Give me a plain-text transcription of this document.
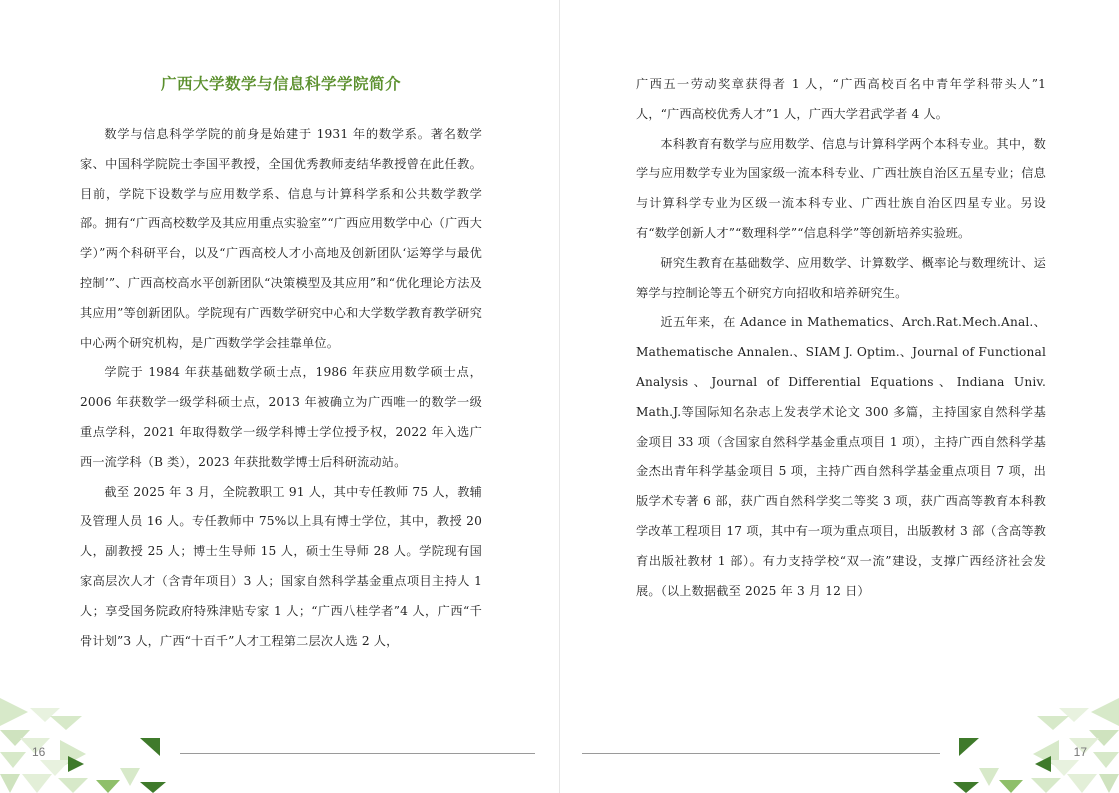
广西大学数学与信息科学学院简介

数学与信息科学学院的前身是始建于 1931 年的数学系。著名数学家、中国科学院院士李国平教授，全国优秀教师麦结华教授曾在此任教。目前，学院下设数学与应用数学系、信息与计算科学系和公共数学教学部。拥有“广西高校数学及其应用重点实验室”“广西应用数学中心（广西大学）”两个科研平台，以及“广西高校人才小高地及创新团队‘运筹学与最优控制’”、广西高校高水平创新团队“决策模型及其应用”和“优化理论方法及其应用”等创新团队。学院现有广西数学研究中心和大学数学教育教学研究中心两个研究机构，是广西数学学会挂靠单位。

学院于 1984 年获基础数学硕士点，1986 年获应用数学硕士点，2006 年获数学一级学科硕士点，2013 年被确立为广西唯一的数学一级重点学科，2021 年取得数学一级学科博士学位授予权，2022 年入选广西一流学科（B 类），2023 年获批数学博士后科研流动站。

截至 2025 年 3 月，全院教职工 91 人，其中专任教师 75 人，教辅及管理人员 16 人。专任教师中 75%以上具有博士学位，其中，教授 20 人，副教授 25 人；博士生导师 15 人，硕士生导师 28 人。学院现有国家高层次人才（含青年项目）3 人；国家自然科学基金重点项目主持人 1 人；享受国务院政府特殊津贴专家 1 人；“广西八桂学者”4 人，广西“千骨计划”3 人，广西“十百千”人才工程第二层次人选 2 人，

16

广西五一劳动奖章获得者 1 人，“广西高校百名中青年学科带头人”1 人，“广西高校优秀人才”1 人，广西大学君武学者 4 人。

本科教育有数学与应用数学、信息与计算科学两个本科专业。其中，数学与应用数学专业为国家级一流本科专业、广西壮族自治区五星专业；信息与计算科学专业为区级一流本科专业、广西壮族自治区四星专业。另设有“数学创新人才”“数理科学”“信息科学”等创新培养实验班。

研究生教育在基础数学、应用数学、计算数学、概率论与数理统计、运筹学与控制论等五个研究方向招收和培养研究生。

近五年来，在 Adance in Mathematics、Arch.Rat.Mech.Anal.、Mathematische Annalen.、SIAM J. Optim.、Journal of Functional Analysis、Journal of Differential Equations、Indiana Univ. Math.J.等国际知名杂志上发表学术论文 300 多篇，主持国家自然科学基金项目 33 项（含国家自然科学基金重点项目 1 项），主持广西自然科学基金杰出青年科学基金项目 5 项，主持广西自然科学基金重点项目 7 项，出版学术专著 6 部，获广西自然科学奖二等奖 3 项，获广西高等教育本科教学改革工程项目 17 项，其中有一项为重点项目，出版教材 3 部（含高等教育出版社教材 1 部）。有力支持学校“双一流”建设，支撑广西经济社会发展。（以上数据截至 2025 年 3 月 12 日）

17
